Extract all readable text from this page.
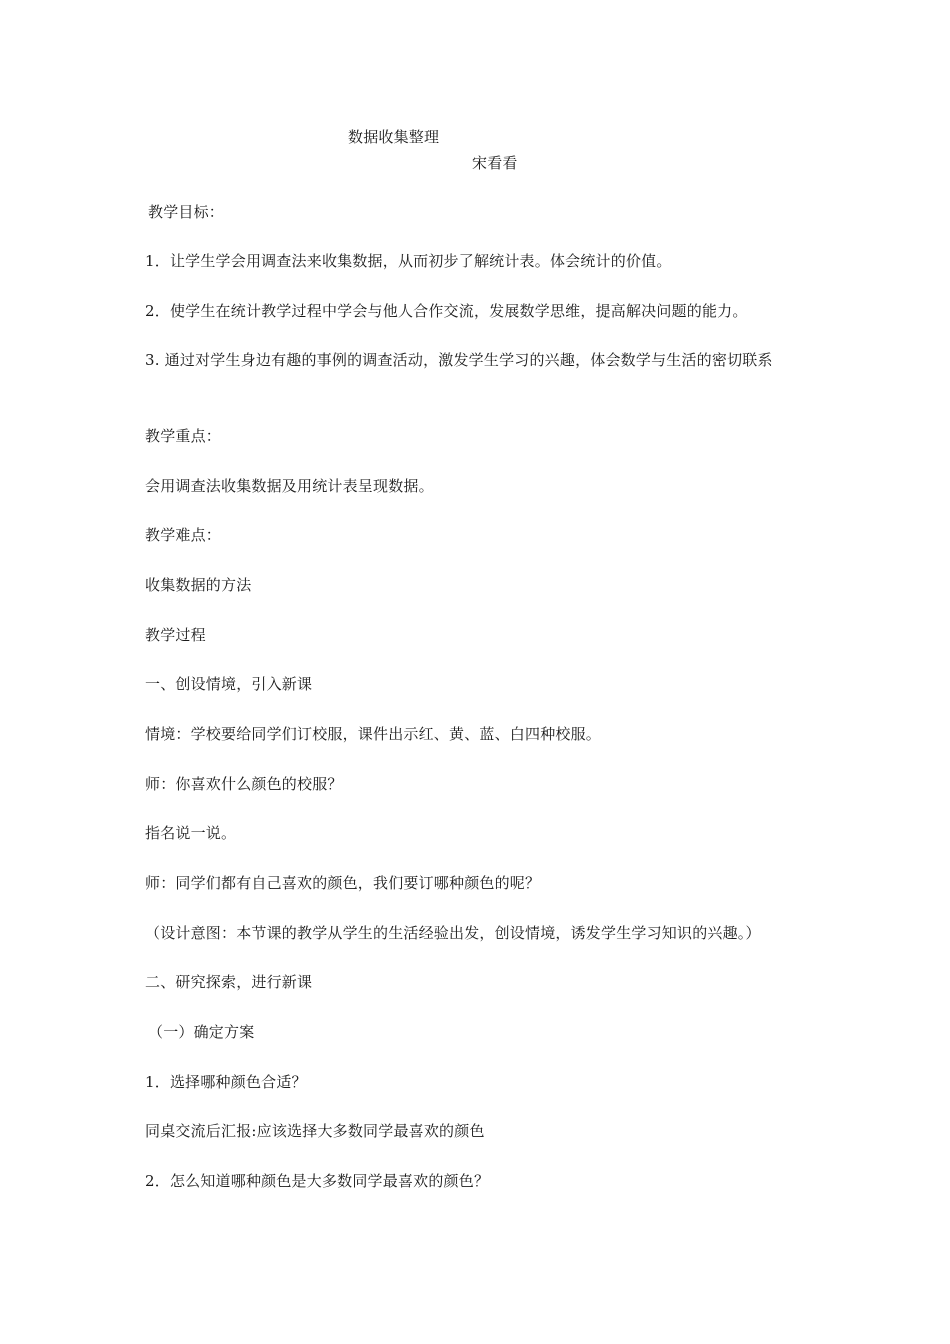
数据收集整理
宋看看
教学目标：
1．让学生学会用调查法来收集数据，从而初步了解统计表。体会统计的价值。
2．使学生在统计教学过程中学会与他人合作交流，发展数学思维，提高解决问题的能力。
3. 通过对学生身边有趣的事例的调查活动，激发学生学习的兴趣，体会数学与生活的密切联系
教学重点：
会用调查法收集数据及用统计表呈现数据。
教学难点：
收集数据的方法
教学过程
一、创设情境，引入新课
情境：学校要给同学们订校服，课件出示红、黄、蓝、白四种校服。
师：你喜欢什么颜色的校服？
指名说一说。
师：同学们都有自己喜欢的颜色，我们要订哪种颜色的呢？
（设计意图：本节课的教学从学生的生活经验出发，创设情境，诱发学生学习知识的兴趣。）
二、研究探索，进行新课
（一）确定方案
1．选择哪种颜色合适？
同桌交流后汇报:应该选择大多数同学最喜欢的颜色
2．怎么知道哪种颜色是大多数同学最喜欢的颜色？
